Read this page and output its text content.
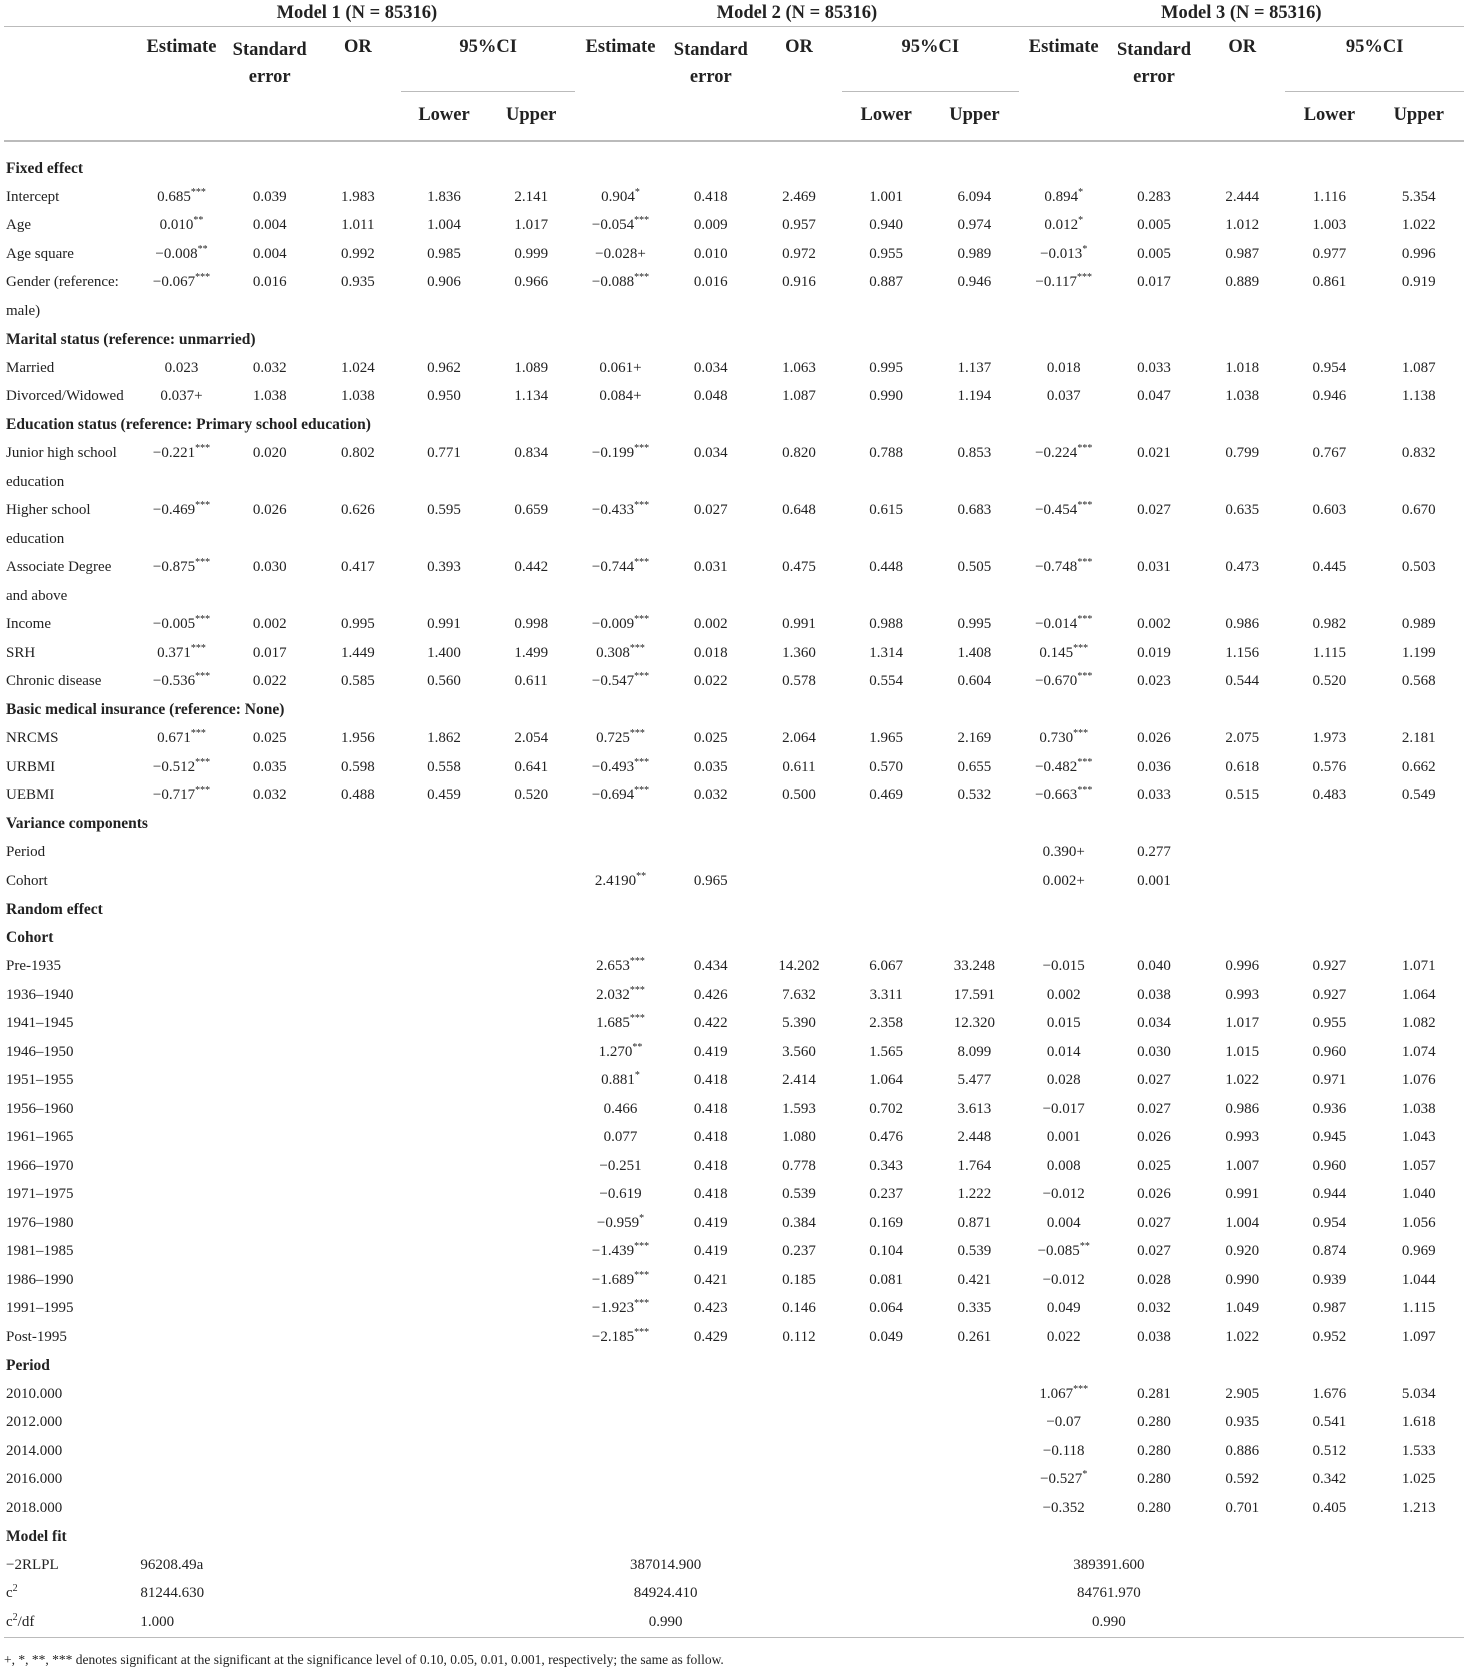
	Model 1 (N = 85316)					Model 2 (N = 85316)					Model 3 (N = 85316)				
	Estimate	Standard error	OR	95%CI		Estimate	Standard error	OR	95%CI		Estimate	Standard error	OR	95%CI	
				Lower	Upper				Lower	Upper				Lower	Upper

Fixed effect															
Intercept	0.685***	0.039	1.983	1.836	2.141	0.904*	0.418	2.469	1.001	6.094	0.894*	0.283	2.444	1.116	5.354
Age	0.010**	0.004	1.011	1.004	1.017	−0.054***	0.009	0.957	0.940	0.974	0.012*	0.005	1.012	1.003	1.022
Age square	−0.008**	0.004	0.992	0.985	0.999	−0.028+	0.010	0.972	0.955	0.989	−0.013*	0.005	0.987	0.977	0.996
Gender (reference:	−0.067***	0.016	0.935	0.906	0.966	−0.088***	0.016	0.916	0.887	0.946	−0.117***	0.017	0.889	0.861	0.919
male)															
Marital status (reference: unmarried)															
Married	0.023	0.032	1.024	0.962	1.089	0.061+	0.034	1.063	0.995	1.137	0.018	0.033	1.018	0.954	1.087
Divorced/Widowed	0.037+	1.038	1.038	0.950	1.134	0.084+	0.048	1.087	0.990	1.194	0.037	0.047	1.038	0.946	1.138
Education status (reference: Primary school education)															
Junior high school	−0.221***	0.020	0.802	0.771	0.834	−0.199***	0.034	0.820	0.788	0.853	−0.224***	0.021	0.799	0.767	0.832
education															
Higher school	−0.469***	0.026	0.626	0.595	0.659	−0.433***	0.027	0.648	0.615	0.683	−0.454***	0.027	0.635	0.603	0.670
education															
Associate Degree	−0.875***	0.030	0.417	0.393	0.442	−0.744***	0.031	0.475	0.448	0.505	−0.748***	0.031	0.473	0.445	0.503
and above															
Income	−0.005***	0.002	0.995	0.991	0.998	−0.009***	0.002	0.991	0.988	0.995	−0.014***	0.002	0.986	0.982	0.989
SRH	0.371***	0.017	1.449	1.400	1.499	0.308***	0.018	1.360	1.314	1.408	0.145***	0.019	1.156	1.115	1.199
Chronic disease	−0.536***	0.022	0.585	0.560	0.611	−0.547***	0.022	0.578	0.554	0.604	−0.670***	0.023	0.544	0.520	0.568
Basic medical insurance (reference: None)															
NRCMS	0.671***	0.025	1.956	1.862	2.054	0.725***	0.025	2.064	1.965	2.169	0.730***	0.026	2.075	1.973	2.181
URBMI	−0.512***	0.035	0.598	0.558	0.641	−0.493***	0.035	0.611	0.570	0.655	−0.482***	0.036	0.618	0.576	0.662
UEBMI	−0.717***	0.032	0.488	0.459	0.520	−0.694***	0.032	0.500	0.469	0.532	−0.663***	0.033	0.515	0.483	0.549
Variance components															
Period											0.390+	0.277			
Cohort						2.4190**	0.965				0.002+	0.001			
Random effect															
Cohort															
Pre-1935						2.653***	0.434	14.202	6.067	33.248	−0.015	0.040	0.996	0.927	1.071
1936–1940						2.032***	0.426	7.632	3.311	17.591	0.002	0.038	0.993	0.927	1.064
1941–1945						1.685***	0.422	5.390	2.358	12.320	0.015	0.034	1.017	0.955	1.082
1946–1950						1.270**	0.419	3.560	1.565	8.099	0.014	0.030	1.015	0.960	1.074
1951–1955						0.881*	0.418	2.414	1.064	5.477	0.028	0.027	1.022	0.971	1.076
1956–1960						0.466	0.418	1.593	0.702	3.613	−0.017	0.027	0.986	0.936	1.038
1961–1965						0.077	0.418	1.080	0.476	2.448	0.001	0.026	0.993	0.945	1.043
1966–1970						−0.251	0.418	0.778	0.343	1.764	0.008	0.025	1.007	0.960	1.057
1971–1975						−0.619	0.418	0.539	0.237	1.222	−0.012	0.026	0.991	0.944	1.040
1976–1980						−0.959*	0.419	0.384	0.169	0.871	0.004	0.027	1.004	0.954	1.056
1981–1985						−1.439***	0.419	0.237	0.104	0.539	−0.085**	0.027	0.920	0.874	0.969
1986–1990						−1.689***	0.421	0.185	0.081	0.421	−0.012	0.028	0.990	0.939	1.044
1991–1995						−1.923***	0.423	0.146	0.064	0.335	0.049	0.032	1.049	0.987	1.115
Post-1995						−2.185***	0.429	0.112	0.049	0.261	0.022	0.038	1.022	0.952	1.097
Period															
2010.000											1.067***	0.281	2.905	1.676	5.034
2012.000											−0.07	0.280	0.935	0.541	1.618
2014.000											−0.118	0.280	0.886	0.512	1.533
2016.000											−0.527*	0.280	0.592	0.342	1.025
2018.000											−0.352	0.280	0.701	0.405	1.213
Model fit															
−2RLPL	96208.49a					387014.900					389391.600				
$c^2$	81244.630					84924.410					84761.970				
$c^2/df$	1.000					0.990					0.990				
+, *, **, *** denotes significant at the significant at the significance level of 0.10, 0.05, 0.01, 0.001, respectively; the same as follow.
